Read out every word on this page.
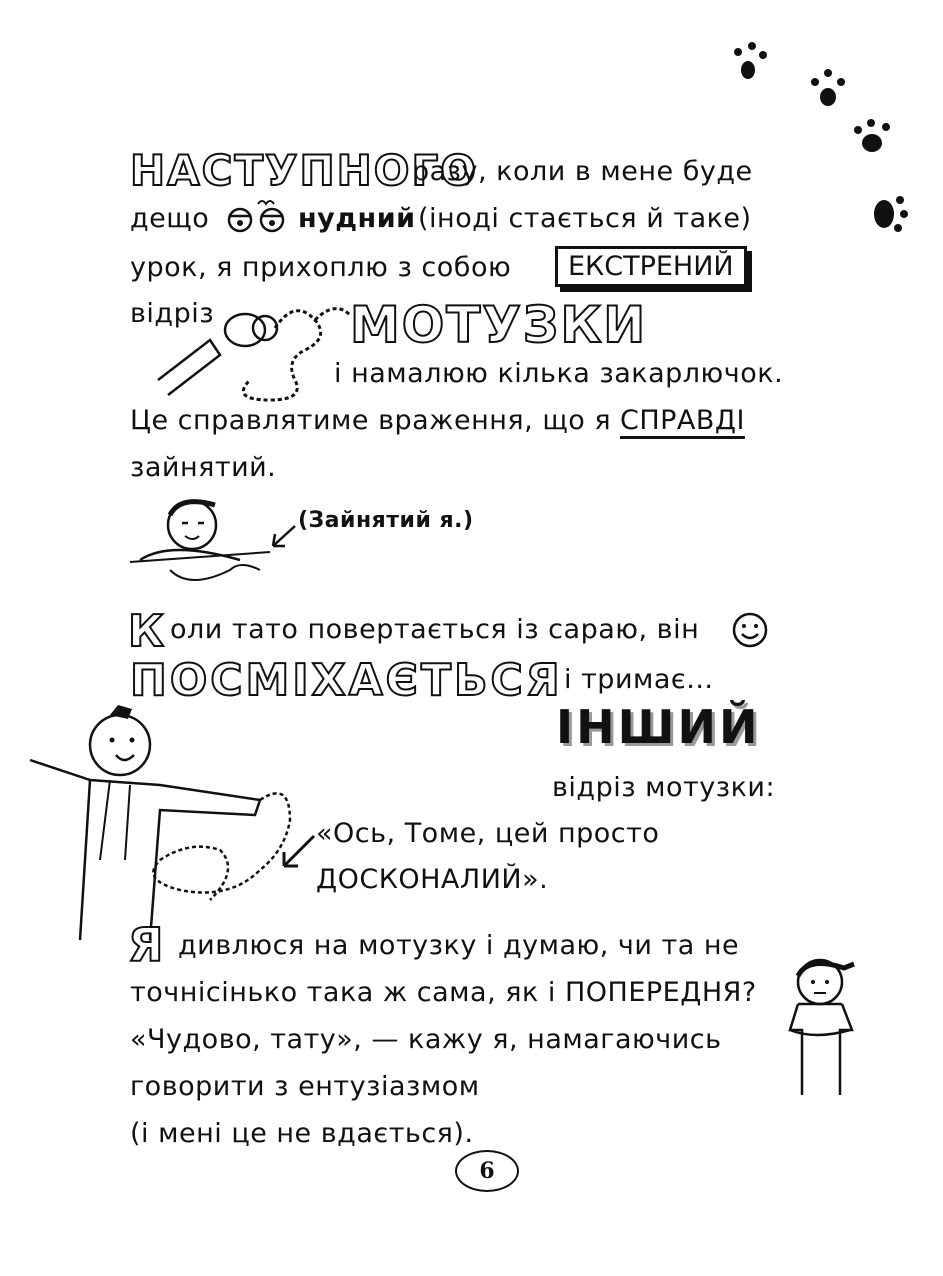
НАСТУПНОГО
разу, коли в мене буде
дещо	нудний (іноді стається й таке)
урок, я прихоплю з собою	ЕКСТРЕНИЙ
відріз	МОТУЗКИ
і намалюю кілька закарлючок.
Це справлятиме враження, що я СПРАВДІ
зайнятий.
(Зайнятий я.)
К оли тато повертається із сараю, він
ПОСМІХАЄТЬСЯ і тримає...
ІНШИЙ
відріз мотузки:
«Ось, Томе, цей просто
ДОСКОНАЛИЙ».
Я дивлюся на мотузку і думаю, чи та не
точнісінько така ж сама, як і ПОПЕРЕДНЯ?
«Чудово, тату», — кажу я, намагаючись
говорити з ентузіазмом
(і мені це не вдається).
6
